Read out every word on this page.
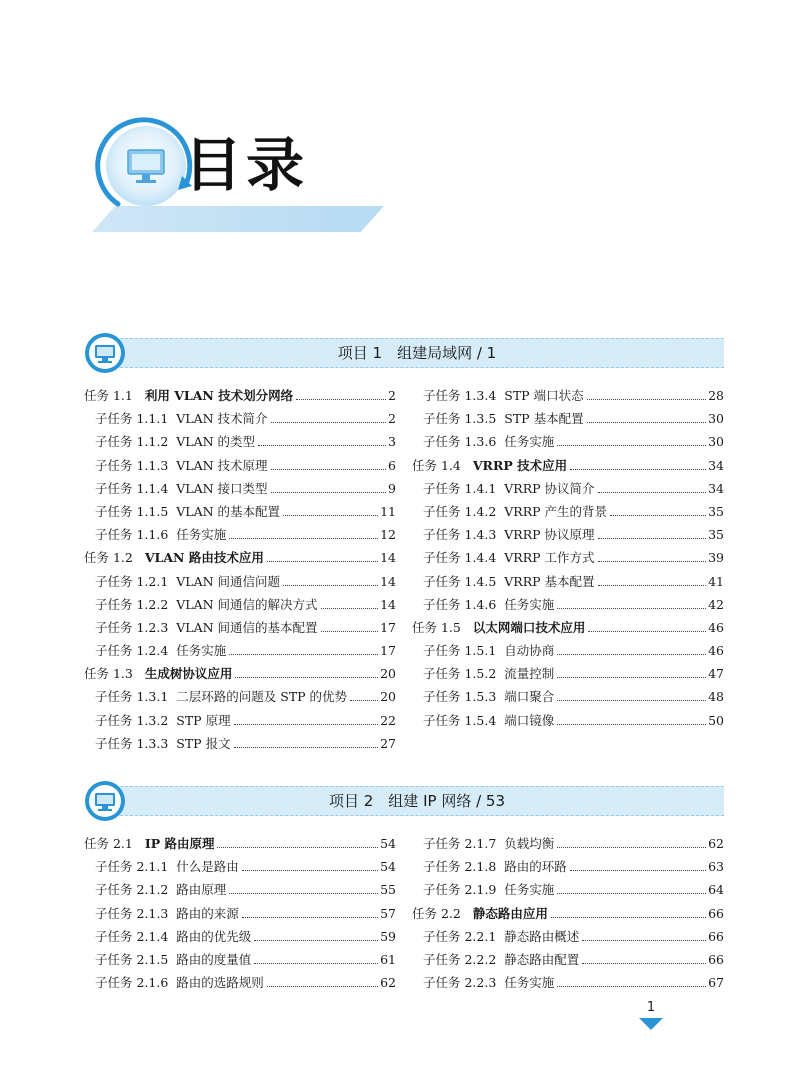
目录
项目 1　组建局域网 / 1
任务 1.1 利用 VLAN 技术划分网络	2
子任务 1.1.1 VLAN 技术简介	2
子任务 1.1.2 VLAN 的类型	3
子任务 1.1.3 VLAN 技术原理	6
子任务 1.1.4 VLAN 接口类型	9
子任务 1.1.5 VLAN 的基本配置	11
子任务 1.1.6 任务实施	12
任务 1.2 VLAN 路由技术应用	14
子任务 1.2.1 VLAN 间通信问题	14
子任务 1.2.2 VLAN 间通信的解决方式	14
子任务 1.2.3 VLAN 间通信的基本配置	17
子任务 1.2.4 任务实施	17
任务 1.3 生成树协议应用	20
子任务 1.3.1 二层环路的问题及 STP 的优势	20
子任务 1.3.2 STP 原理	22
子任务 1.3.3 STP 报文	27
子任务 1.3.4 STP 端口状态	28
子任务 1.3.5 STP 基本配置	30
子任务 1.3.6 任务实施	30
任务 1.4 VRRP 技术应用	34
子任务 1.4.1 VRRP 协议简介	34
子任务 1.4.2 VRRP 产生的背景	35
子任务 1.4.3 VRRP 协议原理	35
子任务 1.4.4 VRRP 工作方式	39
子任务 1.4.5 VRRP 基本配置	41
子任务 1.4.6 任务实施	42
任务 1.5 以太网端口技术应用	46
子任务 1.5.1 自动协商	46
子任务 1.5.2 流量控制	47
子任务 1.5.3 端口聚合	48
子任务 1.5.4 端口镜像	50
项目 2　组建 IP 网络 / 53
任务 2.1 IP 路由原理	54
子任务 2.1.1 什么是路由	54
子任务 2.1.2 路由原理	55
子任务 2.1.3 路由的来源	57
子任务 2.1.4 路由的优先级	59
子任务 2.1.5 路由的度量值	61
子任务 2.1.6 路由的选路规则	62
子任务 2.1.7 负载均衡	62
子任务 2.1.8 路由的环路	63
子任务 2.1.9 任务实施	64
任务 2.2 静态路由应用	66
子任务 2.2.1 静态路由概述	66
子任务 2.2.2 静态路由配置	66
子任务 2.2.3 任务实施	67
1
